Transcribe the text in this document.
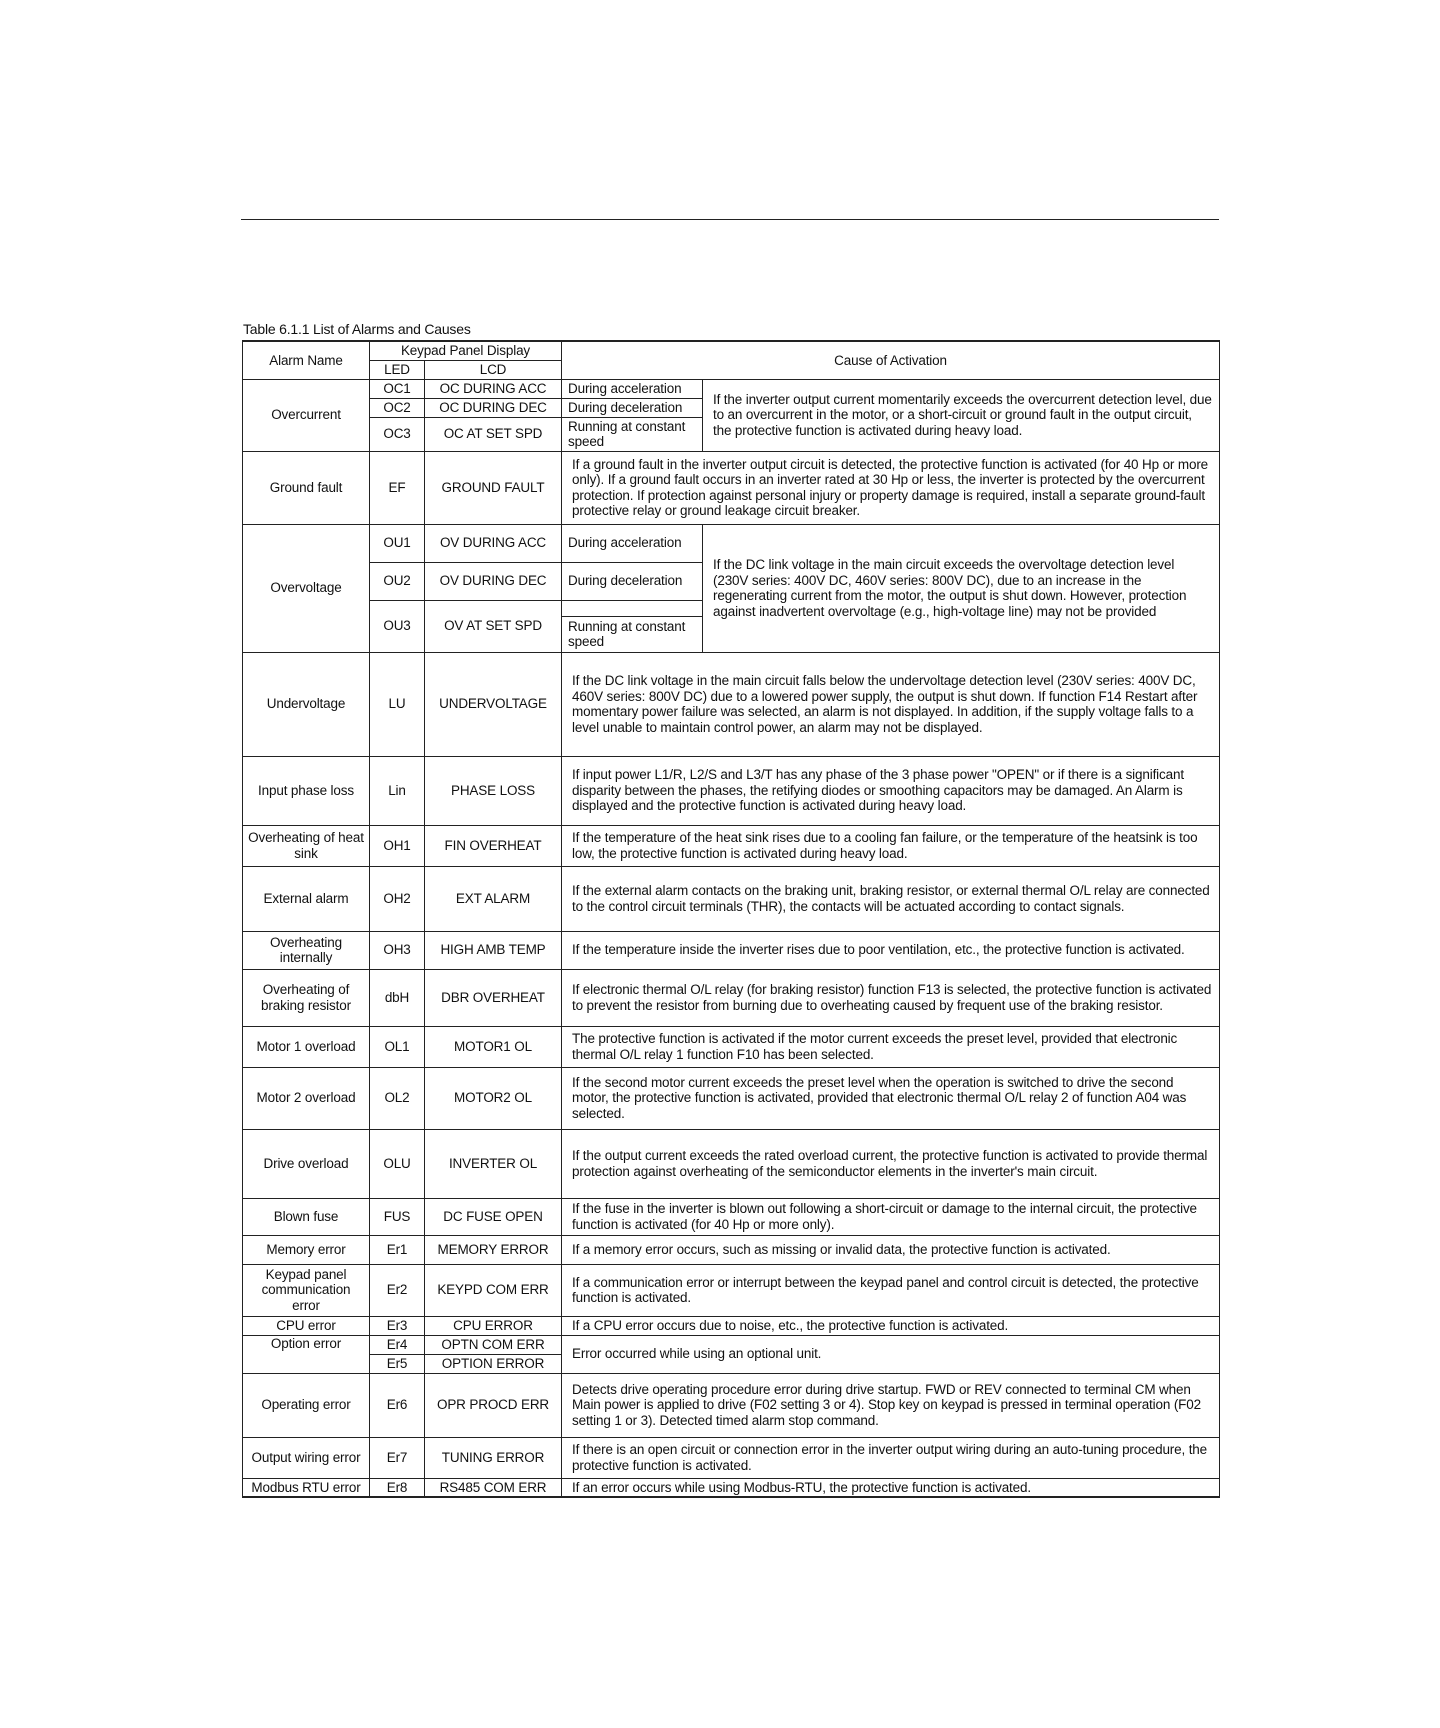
Table 6.1.1 List of Alarms and Causes
Alarm Name	Keypad Panel Display		Cause of Activation	
	LED	LCD		
Overcurrent	OC1	OC DURING ACC	During acceleration	If the inverter output current momentarily exceeds the overcurrent detection level, due to an overcurrent in the motor, or a short-circuit or ground fault in the output circuit, the protective function is activated during heavy load.
	OC2	OC DURING DEC	During deceleration	
	OC3	OC AT SET SPD	Running at constant speed	
Ground fault	EF	GROUND FAULT	If a ground fault in the inverter output circuit is detected, the protective function is activated (for 40 Hp or more only). If a ground fault occurs in an inverter rated at 30 Hp or less, the inverter is protected by the overcurrent protection. If protection against personal injury or property damage is required, install a separate ground-fault protective relay or ground leakage circuit breaker.	
Overvoltage	OU1	OV DURING ACC	During acceleration	If the DC link voltage in the main circuit exceeds the overvoltage detection level (230V series: 400V DC, 460V series: 800V DC), due to an increase in the regenerating current from the motor, the output is shut down. However, protection against inadvertent overvoltage (e.g., high-voltage line) may not be provided
	OU2	OV DURING DEC	During deceleration	
	OU3	OV AT SET SPD		
			Running at constant speed	
Undervoltage	LU	UNDERVOLTAGE	If the DC link voltage in the main circuit falls below the undervoltage detection level (230V series: 400V DC, 460V series: 800V DC) due to a lowered power supply, the output is shut down. If function F14 Restart after momentary power failure was selected, an alarm is not displayed. In addition, if the supply voltage falls to a level unable to maintain control power, an alarm may not be displayed.	
Input phase loss	Lin	PHASE LOSS	If input power L1/R, L2/S and L3/T has any phase of the 3 phase power "OPEN" or if there is a significant disparity between the phases, the retifying diodes or smoothing capacitors may be damaged. An Alarm is displayed and the protective function is activated during heavy load.	
Overheating of heat sink	OH1	FIN OVERHEAT	If the temperature of the heat sink rises due to a cooling fan failure, or the temperature of the heatsink is too low, the protective function is activated during heavy load.	
External alarm	OH2	EXT ALARM	If the external alarm contacts on the braking unit, braking resistor, or external thermal O/L relay are connected to the control circuit terminals (THR), the contacts will be actuated according to contact signals.	
Overheating internally	OH3	HIGH AMB TEMP	If the temperature inside the inverter rises due to poor ventilation, etc., the protective function is activated.	
Overheating of braking resistor	dbH	DBR OVERHEAT	If electronic thermal O/L relay (for braking resistor) function F13 is selected, the protective function is activated to prevent the resistor from burning due to overheating caused by frequent use of the braking resistor.	
Motor 1 overload	OL1	MOTOR1 OL	The protective function is activated if the motor current exceeds the preset level, provided that electronic thermal O/L relay 1 function F10 has been selected.	
Motor 2 overload	OL2	MOTOR2 OL	If the second motor current exceeds the preset level when the operation is switched to drive the second motor, the protective function is activated, provided that electronic thermal O/L relay 2 of function A04 was selected.	
Drive overload	OLU	INVERTER OL	If the output current exceeds the rated overload current, the protective function is activated to provide thermal protection against overheating of the semiconductor elements in the inverter's main circuit.	
Blown fuse	FUS	DC FUSE OPEN	If the fuse in the inverter is blown out following a short-circuit or damage to the internal circuit, the protective function is activated (for 40 Hp or more only).	
Memory error	Er1	MEMORY ERROR	If a memory error occurs, such as missing or invalid data, the protective function is activated.	
Keypad panel communication error	Er2	KEYPD COM ERR	If a communication error or interrupt between the keypad panel and control circuit is detected, the protective function is activated.	
CPU error	Er3	CPU ERROR	If a CPU error occurs due to noise, etc., the protective function is activated.	
Option error	Er4	OPTN COM ERR	Error occurred while using an optional unit.	
	Er5	OPTION ERROR		
Operating error	Er6	OPR PROCD ERR	Detects drive operating procedure error during drive startup. FWD or REV connected to terminal CM when Main power is applied to drive (F02 setting 3 or 4). Stop key on keypad is pressed in terminal operation (F02 setting 1 or 3). Detected timed alarm stop command.	
Output wiring error	Er7	TUNING ERROR	If there is an open circuit or connection error in the inverter output wiring during an auto-tuning procedure, the protective function is activated.	
Modbus RTU error	Er8	RS485 COM ERR	If an error occurs while using Modbus-RTU, the protective function is activated.	
